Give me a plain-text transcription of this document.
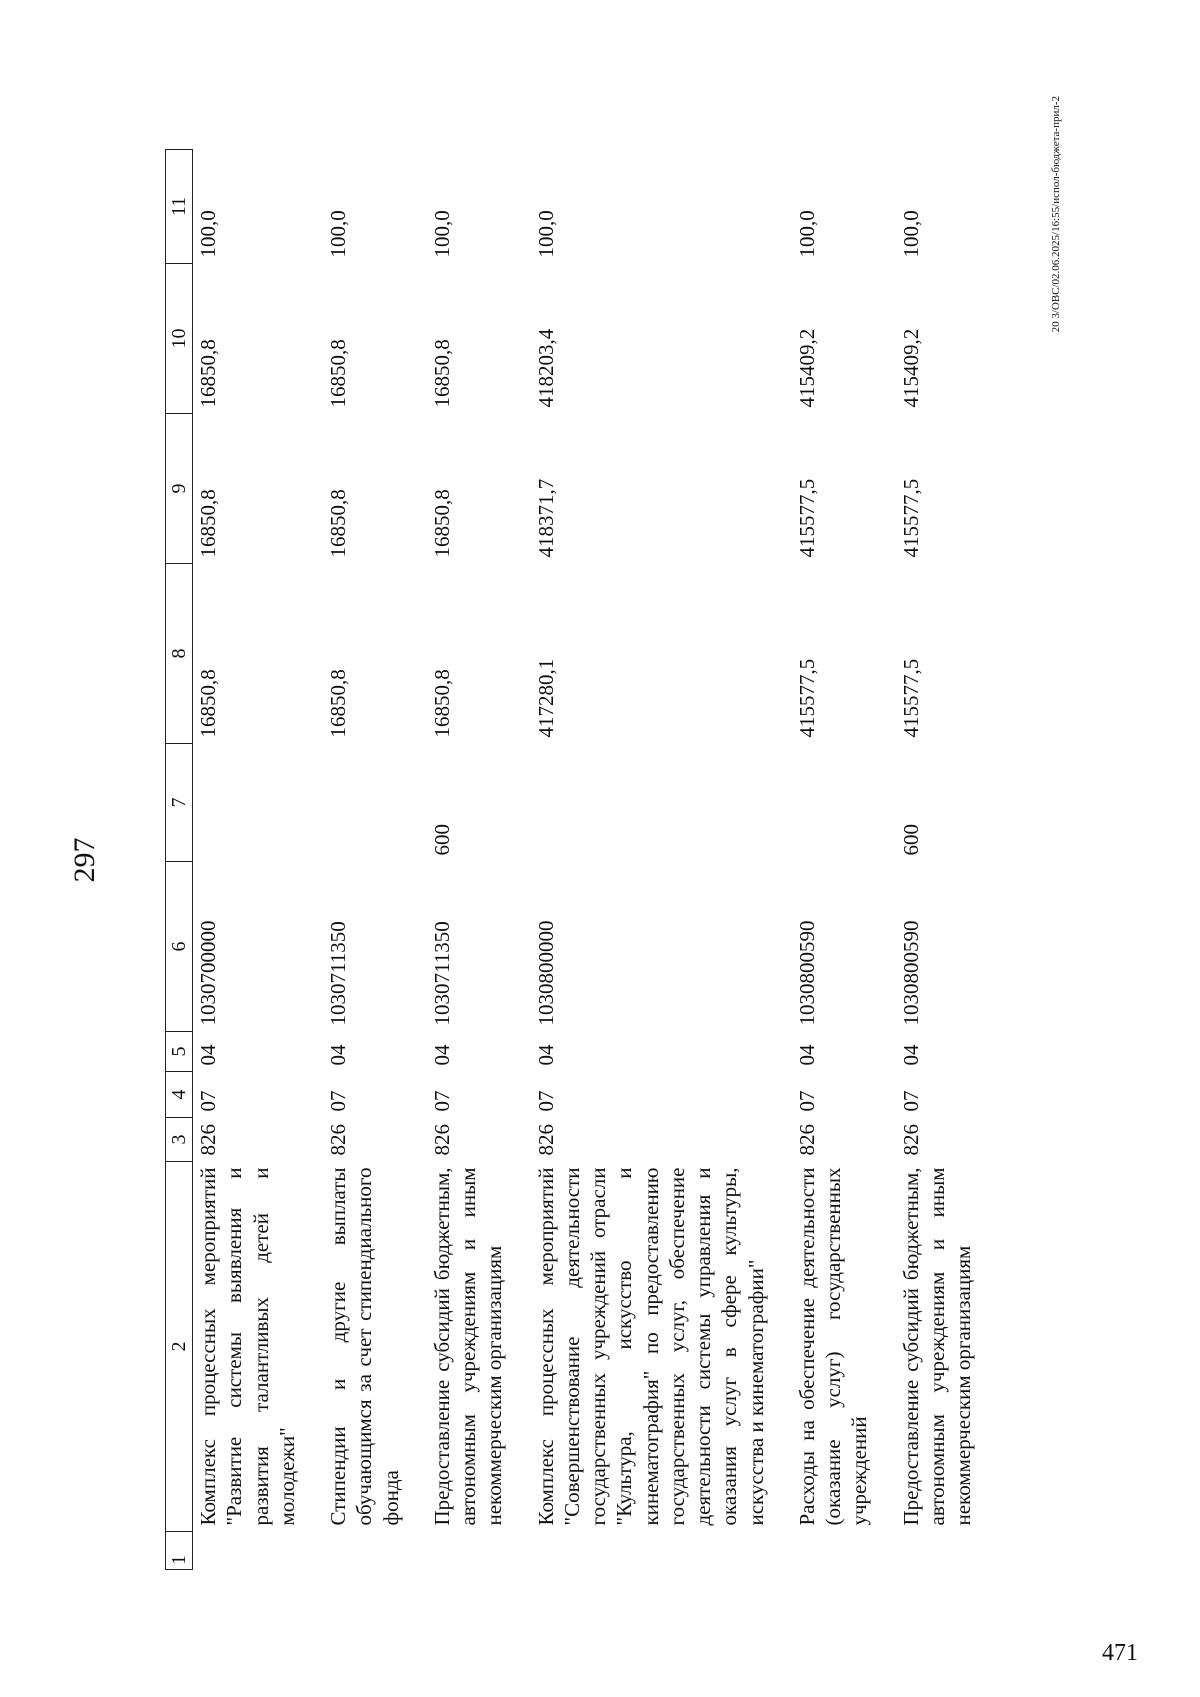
297
1	2	3	4	5	6	7	8	9	10	11
	Комплекс процессных мероприятий "Развитие системы выявления и развития талантливых детей и молодежи"	826	07	04	1030700000		16850,8	16850,8	16850,8	100,0
	Стипендии и другие выплаты обучающимся за счет стипендиального фонда	826	07	04	1030711350		16850,8	16850,8	16850,8	100,0
	Предоставление субсидий бюджетным, автономным учреждениям и иным некоммерческим организациям	826	07	04	1030711350	600	16850,8	16850,8	16850,8	100,0
	Комплекс процессных мероприятий "Совершенствование деятельности государственных учреждений отрасли "Культура, искусство и кинематография" по предоставлению государственных услуг, обеспечение деятельности системы управления и оказания услуг в сфере культуры, искусства и кинематографии"	826	07	04	1030800000		417280,1	418371,7	418203,4	100,0
	Расходы на обеспечение деятельности (оказание услуг) государственных учреждений	826	07	04	1030800590		415577,5	415577,5	415409,2	100,0
	Предоставление субсидий бюджетным, автономным учреждениям и иным некоммерческим организациям	826	07	04	1030800590	600	415577,5	415577,5	415409,2	100,0	20 3/ОВС/02.06.2025/16:55/испол-бюджета-прил-2
471
